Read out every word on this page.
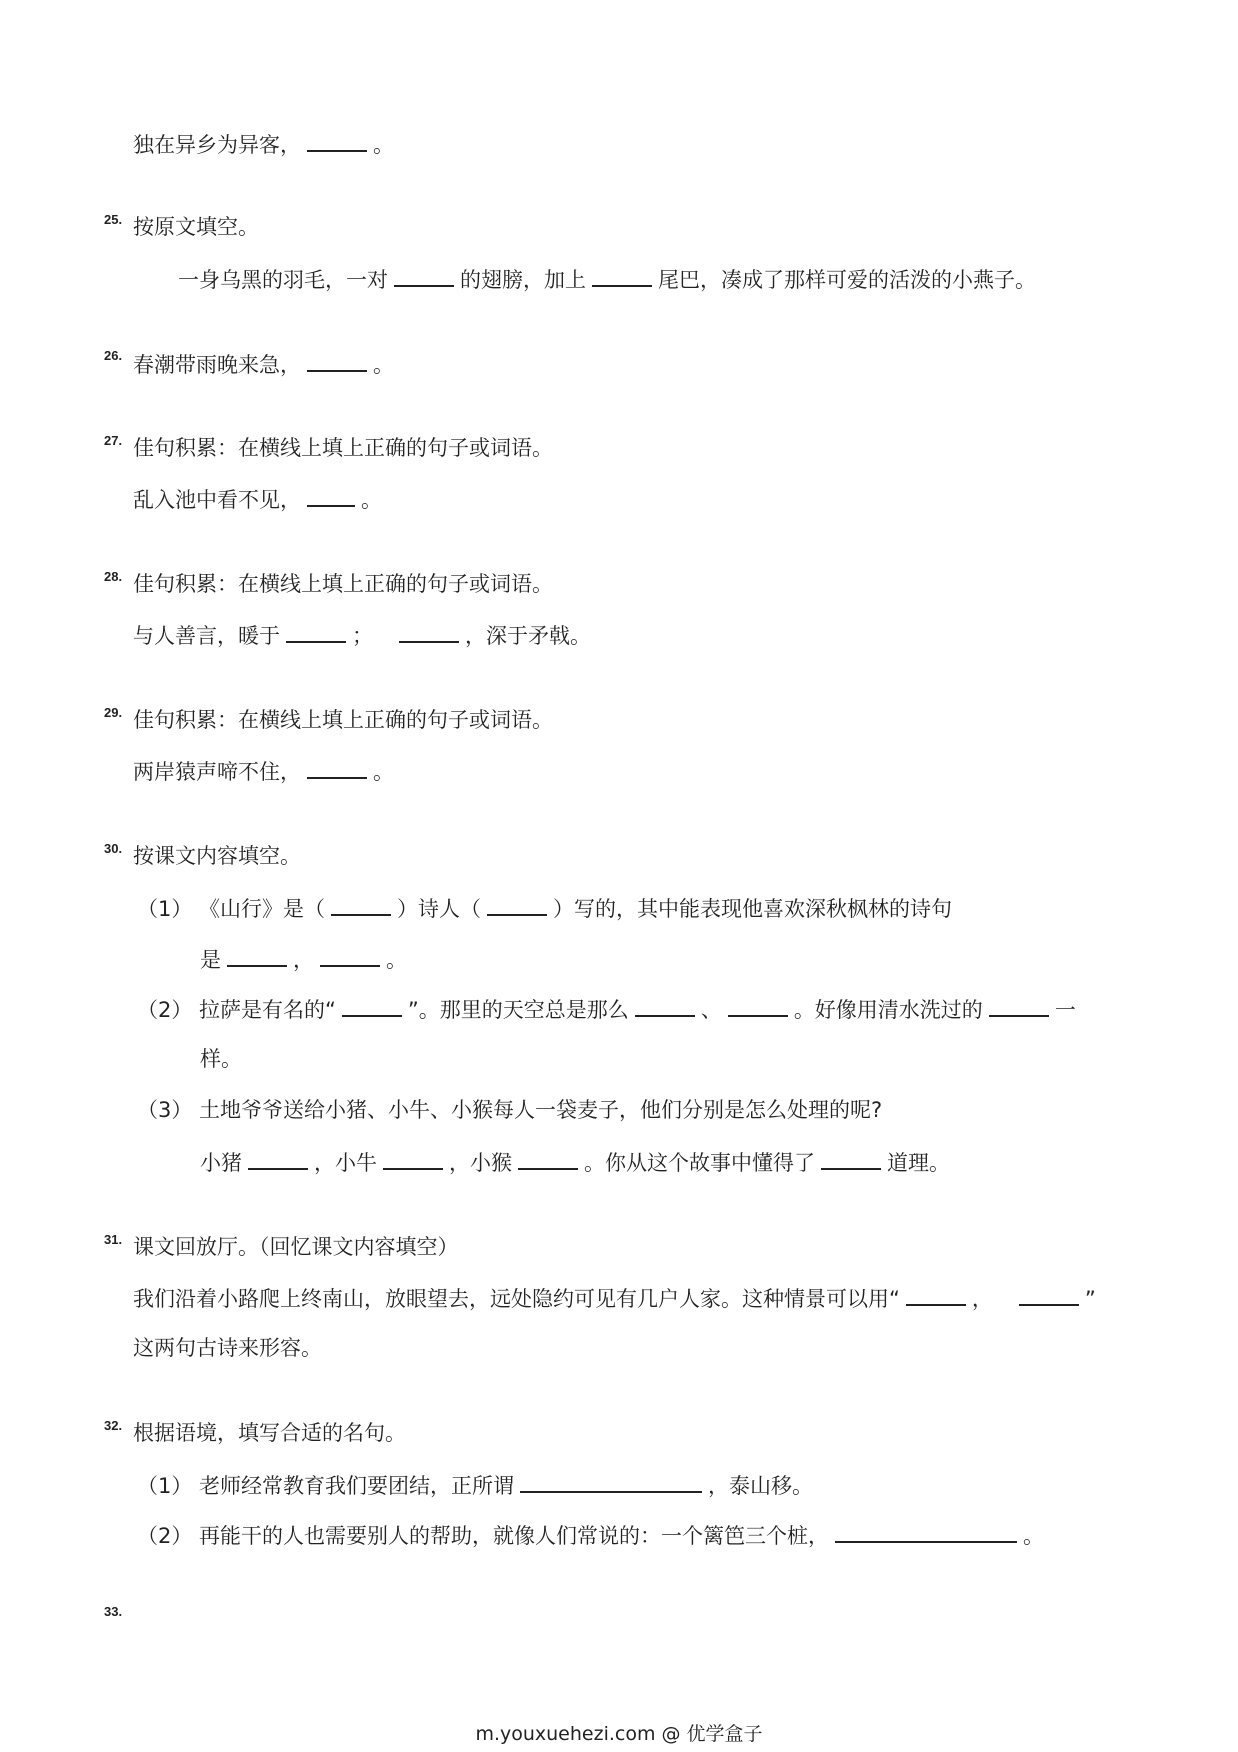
独在异乡为异客，	。
25. 按原文填空。
一身乌黑的羽毛，一对	的翅膀，加上	尾巴，凑成了那样可爱的活泼的小燕子。
26. 春潮带雨晚来急，	。
27. 佳句积累：在横线上填上正确的句子或词语。
乱入池中看不见，	。
28. 佳句积累：在横线上填上正确的句子或词语。
与人善言，暖于	；	，深于矛戟。
29. 佳句积累：在横线上填上正确的句子或词语。
两岸猿声啼不住，	。
30. 按课文内容填空。
（1） 《山行》是（	）诗人（	）写的，其中能表现他喜欢深秋枫林的诗句
是	，	。
（2） 拉萨是有名的“	”。那里的天空总是那么	、	。好像用清水洗过的	一
样。
（3） 土地爷爷送给小猪、小牛、小猴每人一袋麦子，他们分别是怎么处理的呢?
小猪	，小牛	，小猴	。你从这个故事中懂得了	道理。
31. 课文回放厅。（回忆课文内容填空）
我们沿着小路爬上终南山，放眼望去，远处隐约可见有几户人家。这种情景可以用“	，	”
这两句古诗来形容。
32. 根据语境，填写合适的名句。
（1） 老师经常教育我们要团结，正所谓	，泰山移。
（2） 再能干的人也需要别人的帮助，就像人们常说的：一个篱笆三个桩，	。
33.
m.youxuehezi.com @ 优学盒子
